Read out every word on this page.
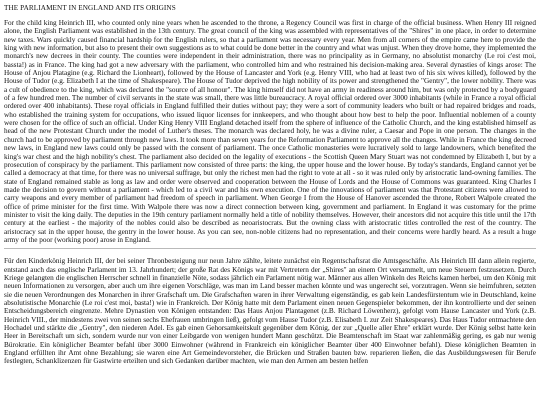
THE PARLIAMENT IN ENGLAND AND ITS ORIGINS

For the child king Heinrich III, who counted only nine years when he ascended to the throne, a Regency Council was first in charge of the official business. When Henry III reigned alone, the English Parliament was established in the 13th century. The great council of the king was assembled with representatives of the "Shires" in one place, in order to determine new taxes. Wars quickly caused financial hardship for the English rulers, so that a parliament was necessary every year. Men from all corners of the empire came here to provide the king with new information, but also to present their own suggestions as to what could be done better in the country and what was unjust. When they drove home, they implemented the monarch's new decrees in their county. The counties were independent in their administration, there was no principality as in Germany, no absolutist monarchy (Le roi c'est moi, bassta!) as in France. The king had got a new adversary with the parliament, who controlled him and who restrained his decision-making area. Several dynasties of kings arose: The House of Anjou Platagine (e.g. Richard the Lionheart), followed by the House of Lancaster and York (e.g. Henry VIII, who had at least two of his six wives killed), followed by the House of Tudor (e.g. Elizabeth I at the time of Shakespeare). The House of Tudor deprived the high nobility of its power and strengthened the "Gentry", the lower nobility. There was a cult of obedience to the king, which was declared the "source of all honour". The king himself did not have an army in readiness around him, but was only protected by a bodyguard of a few hundred men. The number of civil servants in the state was small, there was little bureaucracy. A royal official ordered over 3000 inhabitants (while in France a royal official ordered over 400 inhabitants). These royal officials in England fulfilled their duties without pay; they were a sort of community leaders who built or had repaired bridges and roads, who established the training system for occupations, who issued liquor licenses for innkeepers, and who thought about how best to help the poor. Influential noblemen of a county were chosen for the office of such an official. Under King Henry VIII England detached itself from the sphere of influence of the Catholic Church, and the king established himself as head of the new Protestant Church under the model of Luther's theses. The monarch was declared holy, he was a divine ruler, a Caesar and Pope in one person. The changes in the church had to be approved by parliament through new laws. It took more than seven years for the Reformation Parliament to approve all the changes. While in France the king decreed new laws, in England new laws could only be passed with the consent of parliament. The once Catholic monasteries were lucratively sold to large landowners, which benefited the king's war chest and the high nobility's chest. The parliament also decided on the legality of executions - the Scottish Queen Mary Stuart was not condemned by Elizabeth I, but by a prosecution of conspiracy by the parliament. This parliament now consisted of three parts: the king, the upper house and the lower house. By today's standards, England cannot yet be called a democracy at that time, for there was no universal suffrage, but only the richest men had the right to vote at all - so it was ruled only by aristocratic land-owning families. The state of England remained stable as long as law and order were observed and cooperation between the House of Lords and the House of Commons was guaranteed. King Charles I made the decision to govern without a parliament - which led to a civil war and his own execution. One of the innovations of parliament was that Protestant citizens were allowed to carry weapons and every member of parliament had freedom of speech in parliament. When George I from the House of Hanover ascended the throne, Robert Walpole created the office of prime minister for the first time. With Walpole there was now a direct connection between king, government and parliament. In England it was customary for the prime minister to visit the king daily. The deputies in the 19th century parliament normally held a title of nobility themselves. However, their ancestors did not acquire this title until the 17th century at the earliest - the majority of the nobles could also be described as neoaristocrats. But the owning class with aristocratic titles controlled the rest of the country. The aristocracy sat in the upper house, the gentry in the lower house. As you can see, non-noble citizens had no representation, and their concerns were hardly heard. As a result a huge army of the poor (working poor) arose in England.

Für den Kinderkönig Heinrich III, der bei seiner Thronbesteigung nur neun Jahre zählte, leitete zunächst ein Regentschaftsrat die Amtsgeschäfte. Als Heinrich III dann allein regierte, entstand auch das englische Parlament im 13. Jahrhundert; der große Rat des Königs war mit Vertretern der „Shires" an einem Ort versammelt, um neue Steuern festzusetzen. Durch Kriege gelangten die englischen Herrscher schnell in finanzielle Nöte, sodass jährlich ein Parlament nötig war. Männer aus allen Winkeln des Reichs kamen herbei, um den König mit neuen Informationen zu versorgen, aber auch um ihre eigenen Vorschläge, was man im Land besser machen könnte und was ungerecht sei, vorzutragen. Wenn sie heimfuhren, setzten sie die neuen Verordnungen des Monarchen in ihrer Grafschaft um. Die Grafschaften waren in ihrer Verwaltung eigenständig, es gab kein Landesfürstentum wie in Deutschland, keine absolutistische Monarchie (Le roi c'est moi, basta!) wie in Frankreich. Der König hatte mit dem Parlament einen neuen Gegenspieler bekommen, der ihn kontrollierte und der seinen Entscheidungsbereich eingrenzte. Mehre Dynastien von Königen entstanden: Das Haus Anjou Plantagenet (z.B. Richard Löwenherz), gefolgt vom Hause Lancaster und York (z.B. Heinrich VIII., der mindestens zwei von seinen sechs Ehefrauen umbringen ließ), gefolgt vom Hause Tudor (z.B. Elisabeth I. zur Zeit Shakespeares). Das Haus Tudor entmachtete den Hochadel und stärkte die „Gentry", den niederen Adel. Es gab einen Gehorsamkeitskult gegenüber dem König, der zur „Quelle aller Ehre" erklärt wurde. Der König selbst hatte kein Heer in Bereitschaft um sich, sondern wurde nur von einer Leibgarde von wenigen hundert Mann geschützt. Die Beamtenschaft im Staat war zahlenmäßig gering, es gab nur wenig Bürokratie. Ein königlicher Beamter befahl über 3000 Einwohner (während in Frankreich ein königlicher Beamter über 400 Einwohner befahl). Diese königlichen Beamten in England erfüllten ihr Amt ohne Bezahlung; sie waren eine Art Gemeindevorsteher, die Brücken und Straßen bauten bzw. reparieren ließen, die das Ausbildungswesen für Berufe festlegten, Schanklizenzen für Gastwirte erteilten und sich Gedanken darüber machten, wie man den Armen am besten helfen
